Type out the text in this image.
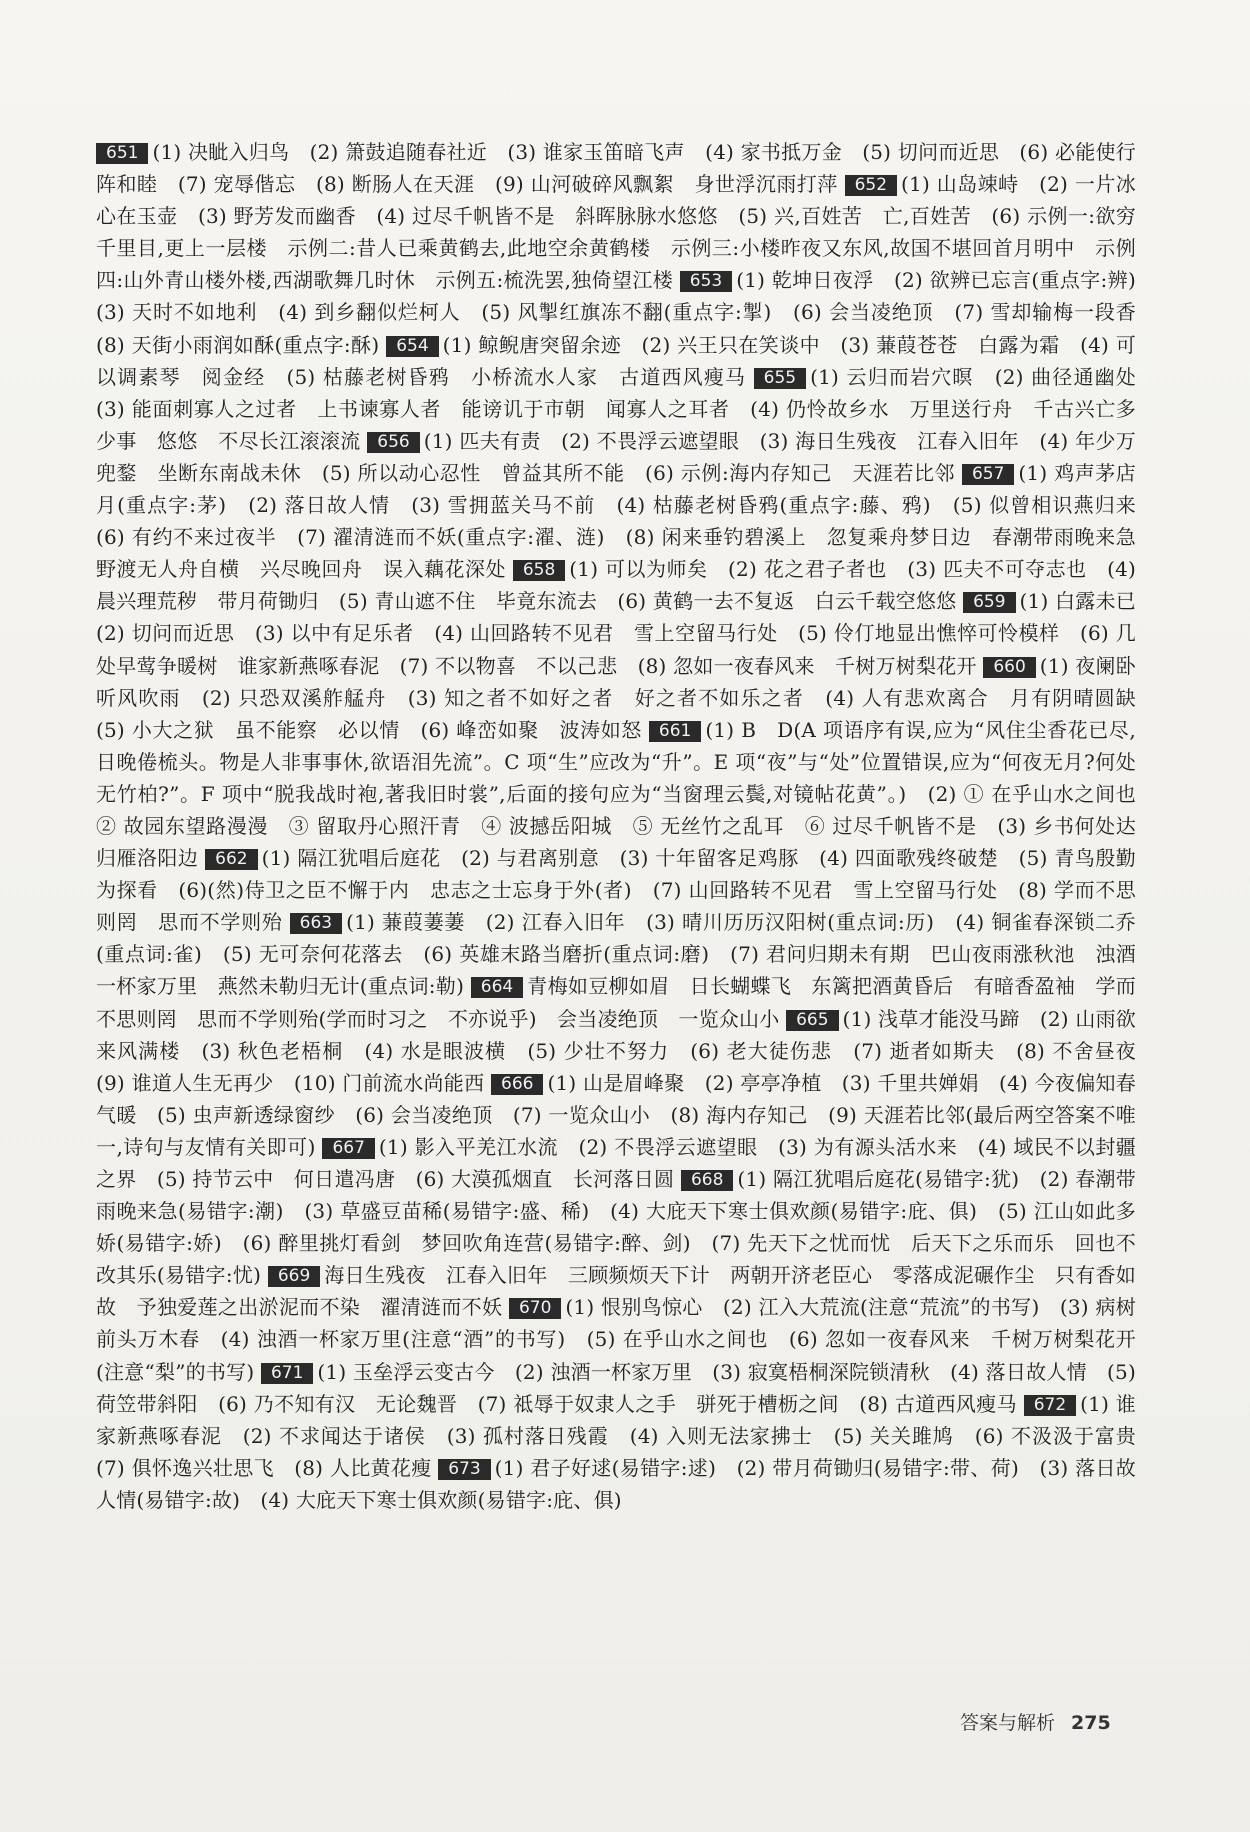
651 (1) 决眦入归鸟　(2) 箫鼓追随春社近　(3) 谁家玉笛暗飞声　(4) 家书抵万金　(5) 切问而近思　(6) 必能使行阵和睦　(7) 宠辱偕忘　(8) 断肠人在天涯　(9) 山河破碎风飘絮　身世浮沉雨打萍 652 (1) 山岛竦峙　(2) 一片冰心在玉壶　(3) 野芳发而幽香　(4) 过尽千帆皆不是　斜晖脉脉水悠悠　(5) 兴,百姓苦　亡,百姓苦　(6) 示例一:欲穷千里目,更上一层楼　示例二:昔人已乘黄鹤去,此地空余黄鹤楼　示例三:小楼昨夜又东风,故国不堪回首月明中　示例四:山外青山楼外楼,西湖歌舞几时休　示例五:梳洗罢,独倚望江楼 653 (1) 乾坤日夜浮　(2) 欲辨已忘言(重点字:辨)　(3) 天时不如地利　(4) 到乡翻似烂柯人　(5) 风掣红旗冻不翻(重点字:掣)　(6) 会当凌绝顶　(7) 雪却输梅一段香　(8) 天街小雨润如酥(重点字:酥) 654 (1) 鲸鲵唐突留余迹　(2) 兴王只在笑谈中　(3) 蒹葭苍苍　白露为霜　(4) 可以调素琴　阅金经　(5) 枯藤老树昏鸦　小桥流水人家　古道西风瘦马 655 (1) 云归而岩穴暝　(2) 曲径通幽处　(3) 能面刺寡人之过者　上书谏寡人者　能谤讥于市朝　闻寡人之耳者　(4) 仍怜故乡水　万里送行舟　千古兴亡多少事　悠悠　不尽长江滚滚流 656 (1) 匹夫有责　(2) 不畏浮云遮望眼　(3) 海日生残夜　江春入旧年　(4) 年少万兜鍪　坐断东南战未休　(5) 所以动心忍性　曾益其所不能　(6) 示例:海内存知己　天涯若比邻 657 (1) 鸡声茅店月(重点字:茅)　(2) 落日故人情　(3) 雪拥蓝关马不前　(4) 枯藤老树昏鸦(重点字:藤、鸦)　(5) 似曾相识燕归来　(6) 有约不来过夜半　(7) 濯清涟而不妖(重点字:濯、涟)　(8) 闲来垂钓碧溪上　忽复乘舟梦日边　春潮带雨晚来急　野渡无人舟自横　兴尽晚回舟　误入藕花深处 658 (1) 可以为师矣　(2) 花之君子者也　(3) 匹夫不可夺志也　(4) 晨兴理荒秽　带月荷锄归　(5) 青山遮不住　毕竟东流去　(6) 黄鹤一去不复返　白云千载空悠悠 659 (1) 白露未已　(2) 切问而近思　(3) 以中有足乐者　(4) 山回路转不见君　雪上空留马行处　(5) 伶仃地显出憔悴可怜模样　(6) 几处早莺争暖树　谁家新燕啄春泥　(7) 不以物喜　不以己悲　(8) 忽如一夜春风来　千树万树梨花开 660 (1) 夜阑卧听风吹雨　(2) 只恐双溪舴艋舟　(3) 知之者不如好之者　好之者不如乐之者　(4) 人有悲欢离合　月有阴晴圆缺　(5) 小大之狱　虽不能察　必以情　(6) 峰峦如聚　波涛如怒 661 (1) B　D(A 项语序有误,应为“风住尘香花已尽,日晚倦梳头。物是人非事事休,欲语泪先流”。C 项“生”应改为“升”。E 项“夜”与“处”位置错误,应为“何夜无月?何处无竹柏?”。F 项中“脱我战时袍,著我旧时裳”,后面的接句应为“当窗理云鬓,对镜帖花黄”。)　(2) ① 在乎山水之间也　② 故园东望路漫漫　③ 留取丹心照汗青　④ 波撼岳阳城　⑤ 无丝竹之乱耳　⑥ 过尽千帆皆不是　(3) 乡书何处达　归雁洛阳边 662 (1) 隔江犹唱后庭花　(2) 与君离别意　(3) 十年留客足鸡豚　(4) 四面歌残终破楚　(5) 青鸟殷勤为探看　(6)(然)侍卫之臣不懈于内　忠志之士忘身于外(者)　(7) 山回路转不见君　雪上空留马行处　(8) 学而不思则罔　思而不学则殆 663 (1) 蒹葭萋萋　(2) 江春入旧年　(3) 晴川历历汉阳树(重点词:历)　(4) 铜雀春深锁二乔(重点词:雀)　(5) 无可奈何花落去　(6) 英雄末路当磨折(重点词:磨)　(7) 君问归期未有期　巴山夜雨涨秋池　浊酒一杯家万里　燕然未勒归无计(重点词:勒) 664 青梅如豆柳如眉　日长蝴蝶飞　东篱把酒黄昏后　有暗香盈袖　学而不思则罔　思而不学则殆(学而时习之　不亦说乎)　会当凌绝顶　一览众山小 665 (1) 浅草才能没马蹄　(2) 山雨欲来风满楼　(3) 秋色老梧桐　(4) 水是眼波横　(5) 少壮不努力　(6) 老大徒伤悲　(7) 逝者如斯夫　(8) 不舍昼夜　(9) 谁道人生无再少　(10) 门前流水尚能西 666 (1) 山是眉峰聚　(2) 亭亭净植　(3) 千里共婵娟　(4) 今夜偏知春气暖　(5) 虫声新透绿窗纱　(6) 会当凌绝顶　(7) 一览众山小　(8) 海内存知己　(9) 天涯若比邻(最后两空答案不唯一,诗句与友情有关即可) 667 (1) 影入平羌江水流　(2) 不畏浮云遮望眼　(3) 为有源头活水来　(4) 域民不以封疆之界　(5) 持节云中　何日遣冯唐　(6) 大漠孤烟直　长河落日圆 668 (1) 隔江犹唱后庭花(易错字:犹)　(2) 春潮带雨晚来急(易错字:潮)　(3) 草盛豆苗稀(易错字:盛、稀)　(4) 大庇天下寒士俱欢颜(易错字:庇、俱)　(5) 江山如此多娇(易错字:娇)　(6) 醉里挑灯看剑　梦回吹角连营(易错字:醉、剑)　(7) 先天下之忧而忧　后天下之乐而乐　回也不改其乐(易错字:忧) 669 海日生残夜　江春入旧年　三顾频烦天下计　两朝开济老臣心　零落成泥碾作尘　只有香如故　予独爱莲之出淤泥而不染　濯清涟而不妖 670 (1) 恨别鸟惊心　(2) 江入大荒流(注意“荒流”的书写)　(3) 病树前头万木春　(4) 浊酒一杯家万里(注意“酒”的书写)　(5) 在乎山水之间也　(6) 忽如一夜春风来　千树万树梨花开(注意“梨”的书写) 671 (1) 玉垒浮云变古今　(2) 浊酒一杯家万里　(3) 寂寞梧桐深院锁清秋　(4) 落日故人情　(5) 荷笠带斜阳　(6) 乃不知有汉　无论魏晋　(7) 祗辱于奴隶人之手　骈死于槽枥之间　(8) 古道西风瘦马 672 (1) 谁家新燕啄春泥　(2) 不求闻达于诸侯　(3) 孤村落日残霞　(4) 入则无法家拂士　(5) 关关雎鸠　(6) 不汲汲于富贵　(7) 俱怀逸兴壮思飞　(8) 人比黄花瘦 673 (1) 君子好逑(易错字:逑)　(2) 带月荷锄归(易错字:带、荷)　(3) 落日故人情(易错字:故)　(4) 大庇天下寒士俱欢颜(易错字:庇、俱)
答案与解析 275
